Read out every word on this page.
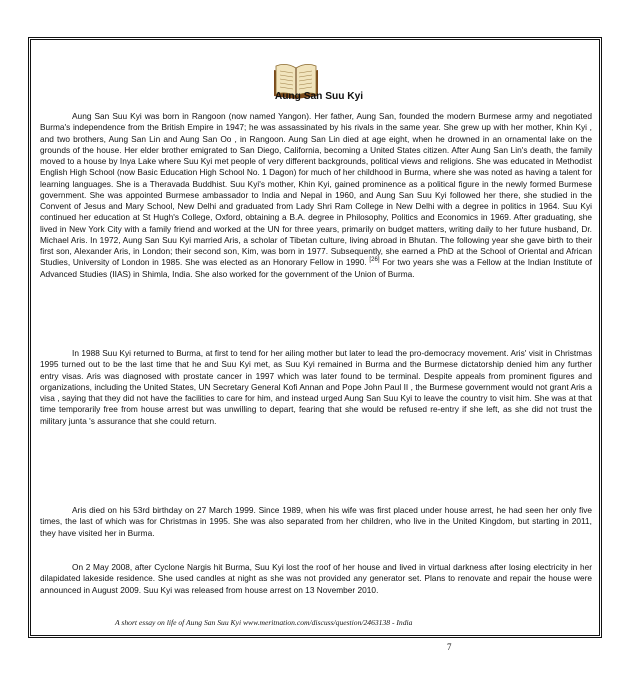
Aung San Suu Kyi

Aung San Suu Kyi was born in Rangoon (now named Yangon). Her father, Aung San, founded the modern Burmese army and negotiated Burma's independence from the British Empire in 1947; he was assassinated by his rivals in the same year. She grew up with her mother, Khin Kyi , and two brothers, Aung San Lin and Aung San Oo , in Rangoon. Aung San Lin died at age eight, when he drowned in an ornamental lake on the grounds of the house. Her elder brother emigrated to San Diego, California, becoming a United States citizen. After Aung San Lin's death, the family moved to a house by Inya Lake where Suu Kyi met people of very different backgrounds, political views and religions. She was educated in Methodist English High School (now Basic Education High School No. 1 Dagon) for much of her childhood in Burma, where she was noted as having a talent for learning languages. She is a Theravada Buddhist. Suu Kyi's mother, Khin Kyi, gained prominence as a political figure in the newly formed Burmese government. She was appointed Burmese ambassador to India and Nepal in 1960, and Aung San Suu Kyi followed her there, she studied in the Convent of Jesus and Mary School, New Delhi and graduated from Lady Shri Ram College in New Delhi with a degree in politics in 1964. Suu Kyi continued her education at St Hugh's College, Oxford, obtaining a B.A. degree in Philosophy, Politics and Economics in 1969. After graduating, she lived in New York City with a family friend and worked at the UN for three years, primarily on budget matters, writing daily to her future husband, Dr. Michael Aris. In 1972, Aung San Suu Kyi married Aris, a scholar of Tibetan culture, living abroad in Bhutan. The following year she gave birth to their first son, Alexander Aris, in London; their second son, Kim, was born in 1977. Subsequently, she earned a PhD at the School of Oriental and African Studies, University of London in 1985. She was elected as an Honorary Fellow in 1990. [26] For two years she was a Fellow at the Indian Institute of Advanced Studies (IIAS) in Shimla, India. She also worked for the government of the Union of Burma.

In 1988 Suu Kyi returned to Burma, at first to tend for her ailing mother but later to lead the pro-democracy movement. Aris' visit in Christmas 1995 turned out to be the last time that he and Suu Kyi met, as Suu Kyi remained in Burma and the Burmese dictatorship denied him any further entry visas. Aris was diagnosed with prostate cancer in 1997 which was later found to be terminal. Despite appeals from prominent figures and organizations, including the United States, UN Secretary General Kofi Annan and Pope John Paul II , the Burmese government would not grant Aris a visa , saying that they did not have the facilities to care for him, and instead urged Aung San Suu Kyi to leave the country to visit him. She was at that time temporarily free from house arrest but was unwilling to depart, fearing that she would be refused re-entry if she left, as she did not trust the military junta 's assurance that she could return.

Aris died on his 53rd birthday on 27 March 1999. Since 1989, when his wife was first placed under house arrest, he had seen her only five times, the last of which was for Christmas in 1995. She was also separated from her children, who live in the United Kingdom, but starting in 2011, they have visited her in Burma.

On 2 May 2008, after Cyclone Nargis hit Burma, Suu Kyi lost the roof of her house and lived in virtual darkness after losing electricity in her dilapidated lakeside residence. She used candles at night as she was not provided any generator set. Plans to renovate and repair the house were announced in August 2009. Suu Kyi was released from house arrest on 13 November 2010.

A short essay on life of Aung San Suu Kyi www.meritnation.com/discuss/question/2463138 - India
7
